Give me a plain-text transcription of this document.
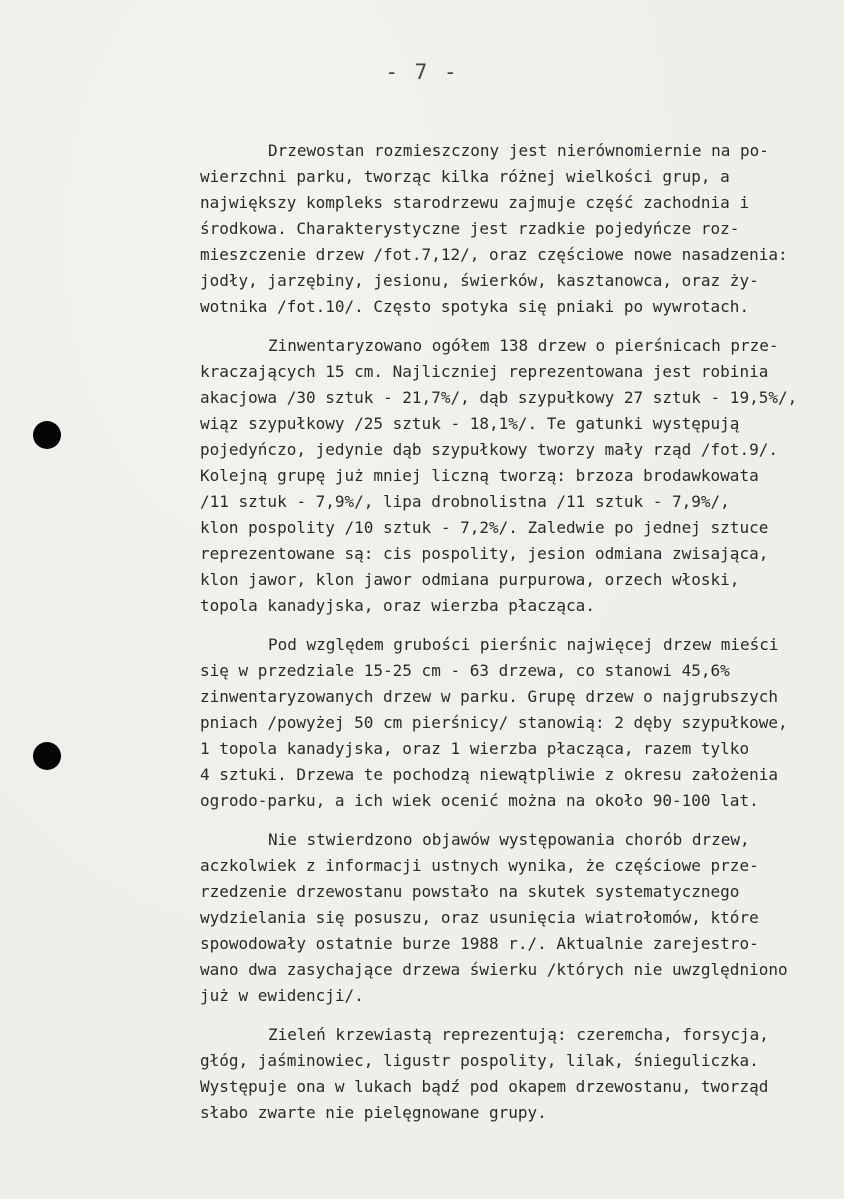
- 7 -
Drzewostan rozmieszczony jest nierównomiernie na po-
wierzchni parku, tworząc kilka różnej wielkości grup, a
największy kompleks starodrzewu zajmuje część zachodnia i
środkowa. Charakterystyczne jest rzadkie pojedyńcze roz-
mieszczenie drzew /fot.7,12/, oraz częściowe nowe nasadzenia:
jodły, jarzębiny, jesionu, świerków, kasztanowca, oraz ży-
wotnika /fot.10/. Często spotyka się pniaki po wywrotach.
Zinwentaryzowano ogółem 138 drzew o pierśnicach prze-
kraczających 15 cm. Najliczniej reprezentowana jest robinia
akacjowa /30 sztuk - 21,7%/, dąb szypułkowy 27 sztuk - 19,5%/,
wiąz szypułkowy /25 sztuk - 18,1%/. Te gatunki występują
pojedyńczo, jedynie dąb szypułkowy tworzy mały rząd /fot.9/.
Kolejną grupę już mniej liczną tworzą: brzoza brodawkowata
/11 sztuk - 7,9%/, lipa drobnolistna /11 sztuk - 7,9%/,
klon pospolity /10 sztuk - 7,2%/. Zaledwie po jednej sztuce
reprezentowane są: cis pospolity, jesion odmiana zwisająca,
klon jawor, klon jawor odmiana purpurowa, orzech włoski,
topola kanadyjska, oraz wierzba płacząca.
Pod względem grubości pierśnic najwięcej drzew mieści
się w przedziale 15-25 cm - 63 drzewa, co stanowi 45,6%
zinwentaryzowanych drzew w parku. Grupę drzew o najgrubszych
pniach /powyżej 50 cm pierśnicy/ stanowią: 2 dęby szypułkowe,
1 topola kanadyjska, oraz 1 wierzba płacząca, razem tylko
4 sztuki. Drzewa te pochodzą niewątpliwie z okresu założenia
ogrodo-parku, a ich wiek ocenić można na około 90-100 lat.
Nie stwierdzono objawów występowania chorób drzew,
aczkolwiek z informacji ustnych wynika, że częściowe prze-
rzedzenie drzewostanu powstało na skutek systematycznego
wydzielania się posuszu, oraz usunięcia wiatrołomów, które
spowodowały ostatnie burze 1988 r./. Aktualnie zarejestro-
wano dwa zasychające drzewa świerku /których nie uwzględniono
już w ewidencji/.
Zieleń krzewiastą reprezentują: czeremcha, forsycja,
głóg, jaśminowiec, ligustr pospolity, lilak, śnieguliczka.
Występuje ona w lukach bądź pod okapem drzewostanu, tworząd
słabo zwarte nie pielęgnowane grupy.
